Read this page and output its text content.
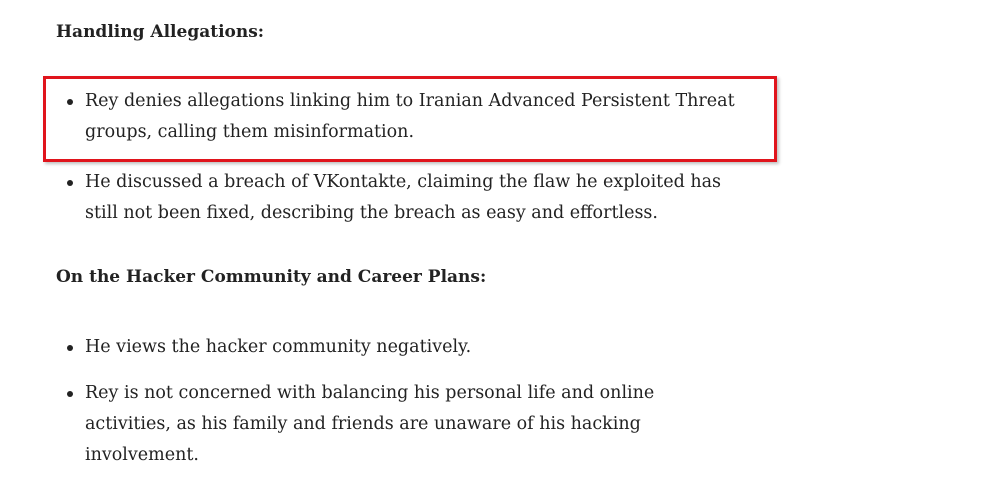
Handling Allegations:
Rey denies allegations linking him to Iranian Advanced Persistent Threat groups, calling them misinformation.
He discussed a breach of VKontakte, claiming the flaw he exploited has still not been fixed, describing the breach as easy and effortless.
On the Hacker Community and Career Plans:
He views the hacker community negatively.
Rey is not concerned with balancing his personal life and online activities, as his family and friends are unaware of his hacking involvement.
